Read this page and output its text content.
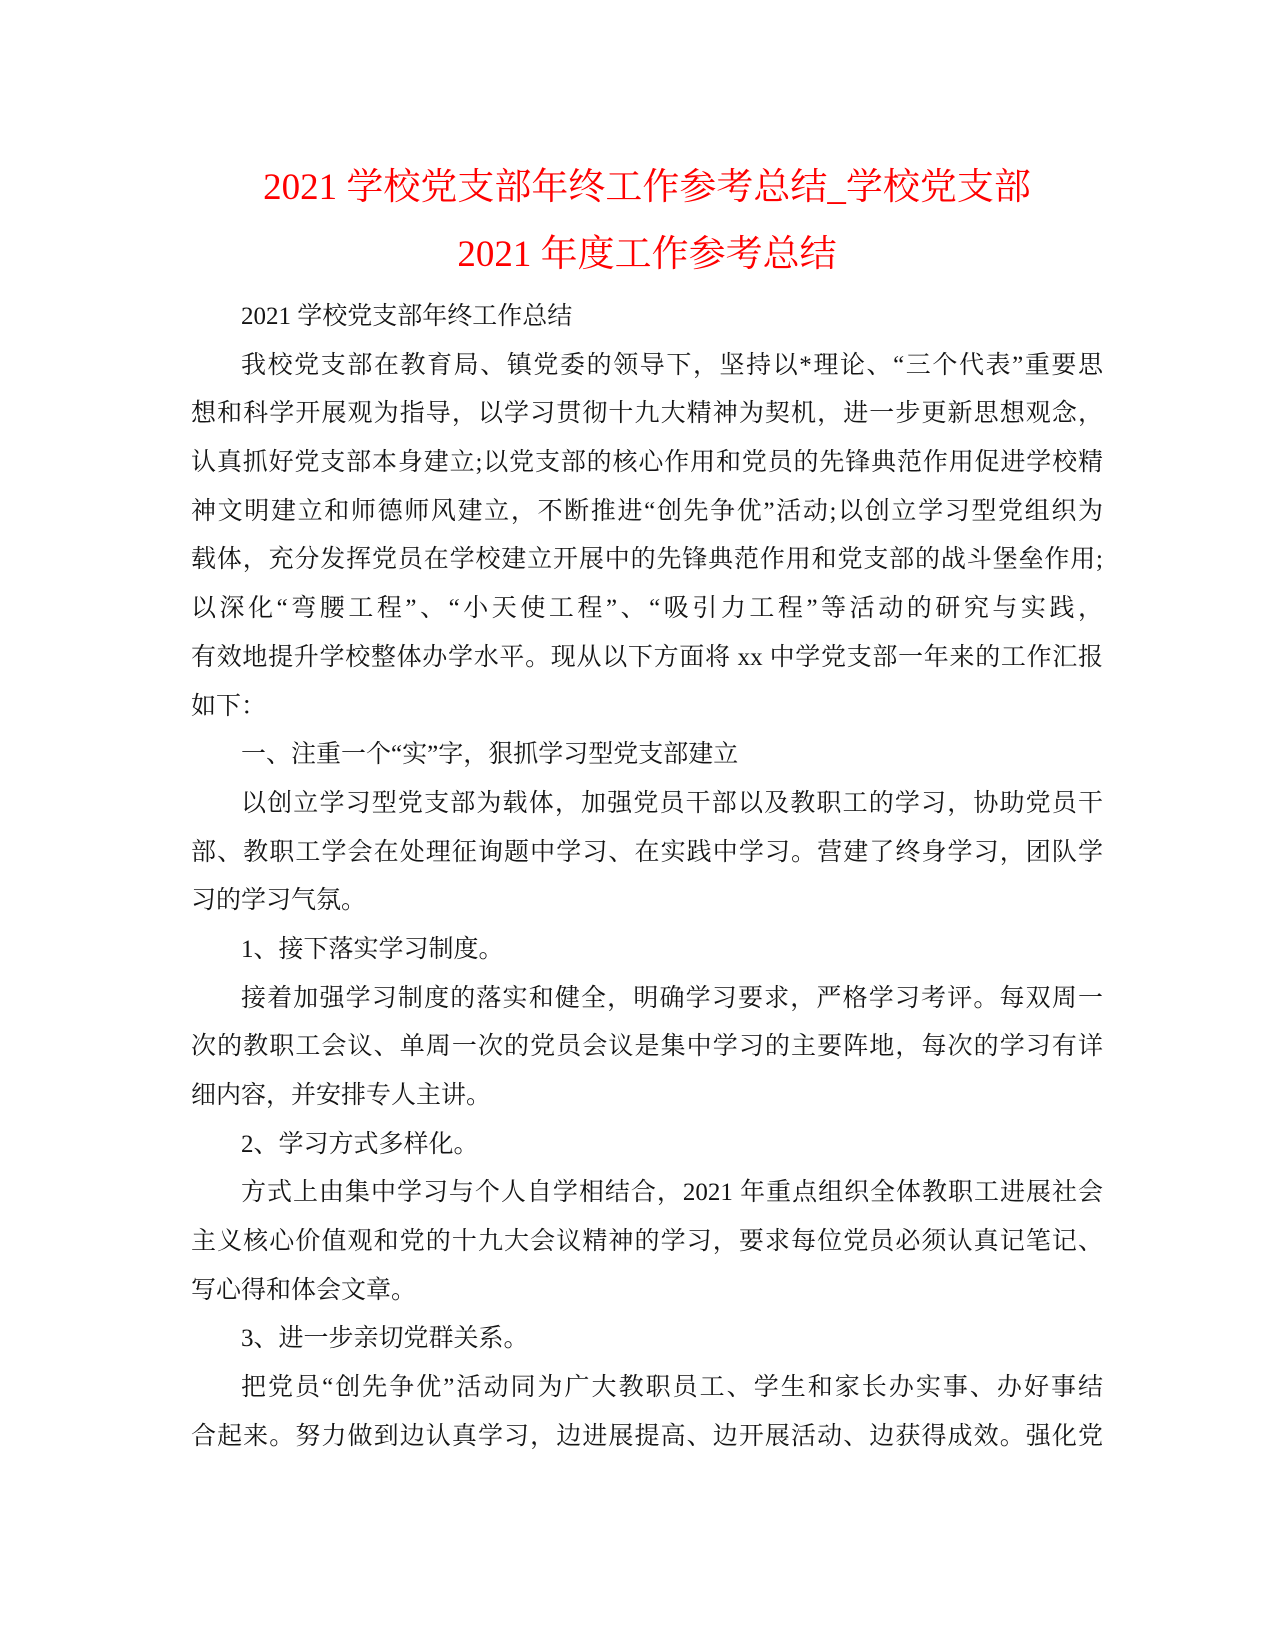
2021 学校党支部年终工作参考总结_学校党支部
2021 年度工作参考总结
2021 学校党支部年终工作总结
我校党支部在教育局、镇党委的领导下，坚持以*理论、“三个代表”重要思
想和科学开展观为指导，以学习贯彻十九大精神为契机，进一步更新思想观念，
认真抓好党支部本身建立;以党支部的核心作用和党员的先锋典范作用促进学校精
神文明建立和师德师风建立，不断推进“创先争优”活动;以创立学习型党组织为
载体，充分发挥党员在学校建立开展中的先锋典范作用和党支部的战斗堡垒作用;
以深化“弯腰工程”、“小天使工程”、“吸引力工程”等活动的研究与实践，
有效地提升学校整体办学水平。现从以下方面将 xx 中学党支部一年来的工作汇报
如下：
一、注重一个“实”字，狠抓学习型党支部建立
以创立学习型党支部为载体，加强党员干部以及教职工的学习，协助党员干
部、教职工学会在处理征询题中学习、在实践中学习。营建了终身学习，团队学
习的学习气氛。
1、接下落实学习制度。
接着加强学习制度的落实和健全，明确学习要求，严格学习考评。每双周一
次的教职工会议、单周一次的党员会议是集中学习的主要阵地，每次的学习有详
细内容，并安排专人主讲。
2、学习方式多样化。
方式上由集中学习与个人自学相结合，2021 年重点组织全体教职工进展社会
主义核心价值观和党的十九大会议精神的学习，要求每位党员必须认真记笔记、
写心得和体会文章。
3、进一步亲切党群关系。
把党员“创先争优”活动同为广大教职员工、学生和家长办实事、办好事结
合起来。努力做到边认真学习，边进展提高、边开展活动、边获得成效。强化党
